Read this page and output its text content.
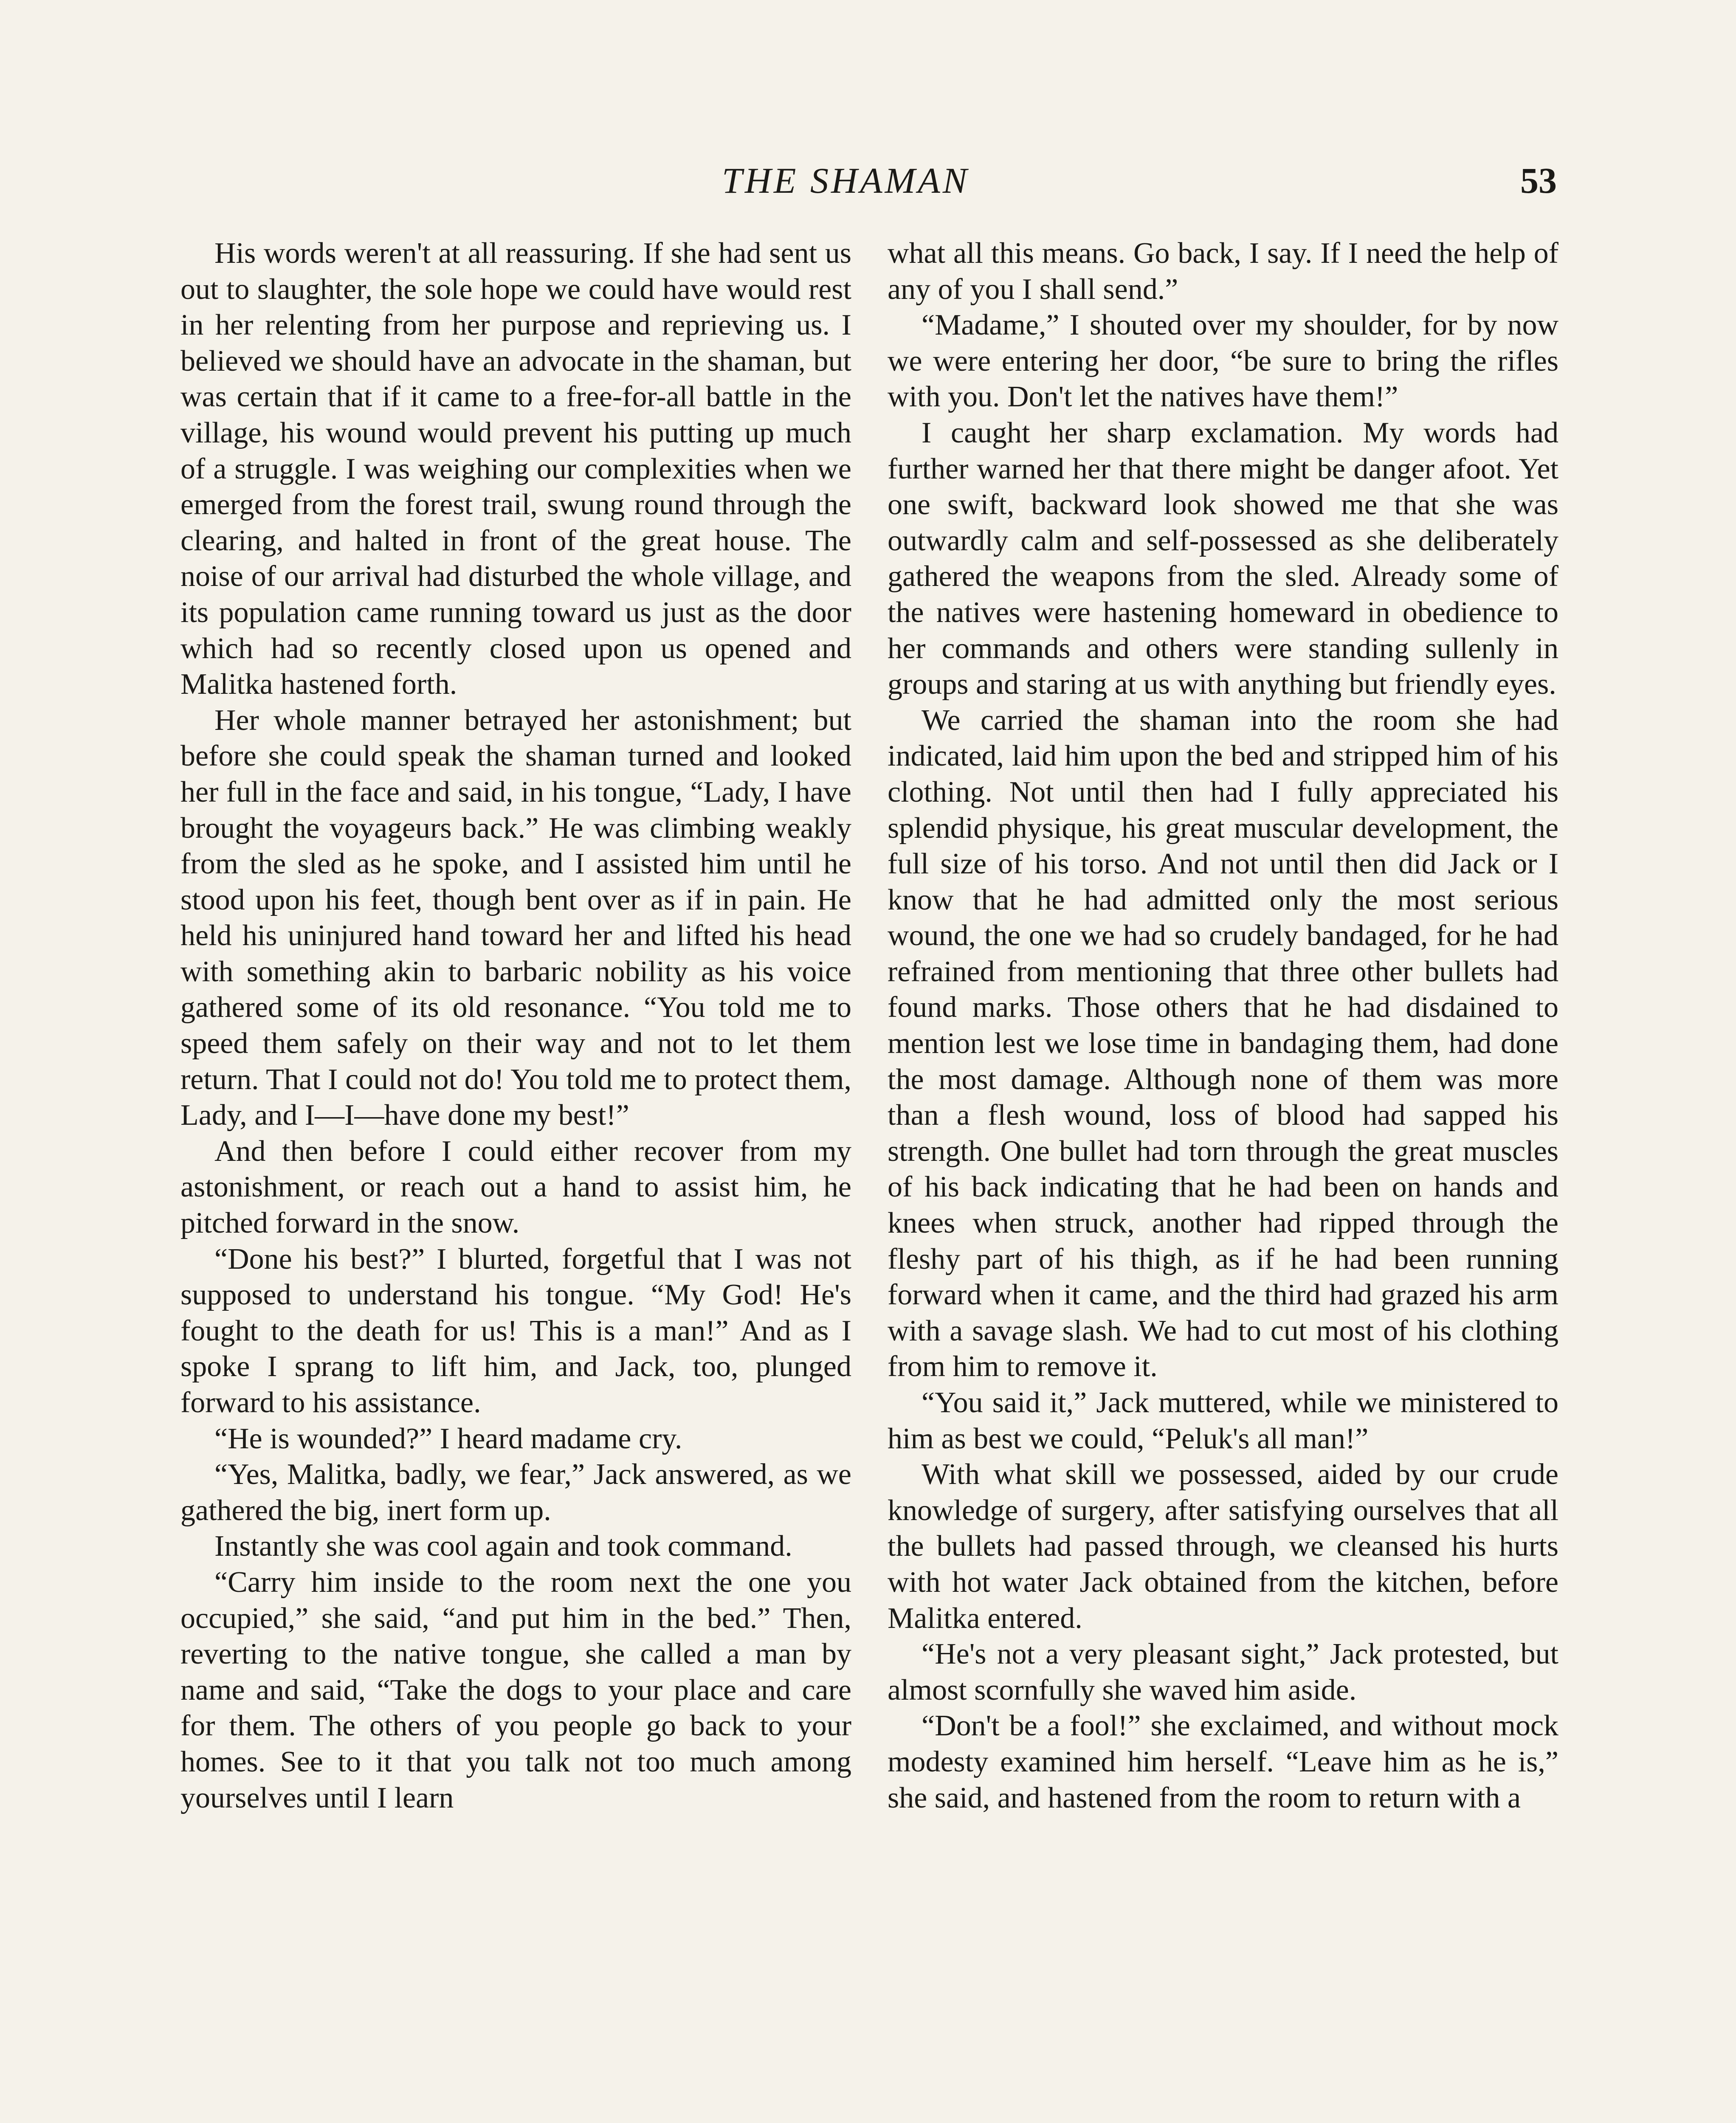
THE SHAMAN	53

His words weren't at all reassuring. If she had sent us out to slaughter, the sole hope we could have would rest in her relenting from her purpose and reprieving us. I believed we should have an advocate in the shaman, but was certain that if it came to a free-for-all battle in the village, his wound would prevent his putting up much of a struggle. I was weighing our complexities when we emerged from the forest trail, swung round through the clearing, and halted in front of the great house. The noise of our arrival had disturbed the whole village, and its population came running toward us just as the door which had so recently closed upon us opened and Malitka hastened forth.

Her whole manner betrayed her astonishment; but before she could speak the shaman turned and looked her full in the face and said, in his tongue, “Lady, I have brought the voyageurs back.” He was climbing weakly from the sled as he spoke, and I assisted him until he stood upon his feet, though bent over as if in pain. He held his uninjured hand toward her and lifted his head with something akin to barbaric nobility as his voice gathered some of its old resonance. “You told me to speed them safely on their way and not to let them return. That I could not do! You told me to protect them, Lady, and I—I—have done my best!”

And then before I could either recover from my astonishment, or reach out a hand to assist him, he pitched forward in the snow.

“Done his best?” I blurted, forgetful that I was not supposed to understand his tongue. “My God! He's fought to the death for us! This is a man!” And as I spoke I sprang to lift him, and Jack, too, plunged forward to his assistance.

“He is wounded?” I heard madame cry.

“Yes, Malitka, badly, we fear,” Jack answered, as we gathered the big, inert form up.

Instantly she was cool again and took command.

“Carry him inside to the room next the one you occupied,” she said, “and put him in the bed.” Then, reverting to the native tongue, she called a man by name and said, “Take the dogs to your place and care for them. The others of you people go back to your homes. See to it that you talk not too much among yourselves until I learn

what all this means. Go back, I say. If I need the help of any of you I shall send.”

“Madame,” I shouted over my shoulder, for by now we were entering her door, “be sure to bring the rifles with you. Don't let the natives have them!”

I caught her sharp exclamation. My words had further warned her that there might be danger afoot. Yet one swift, backward look showed me that she was outwardly calm and self-possessed as she deliberately gathered the weapons from the sled. Already some of the natives were hastening homeward in obedience to her commands and others were standing sullenly in groups and staring at us with anything but friendly eyes.

We carried the shaman into the room she had indicated, laid him upon the bed and stripped him of his clothing. Not until then had I fully appreciated his splendid physique, his great muscular development, the full size of his torso. And not until then did Jack or I know that he had admitted only the most serious wound, the one we had so crudely bandaged, for he had refrained from mentioning that three other bullets had found marks. Those others that he had disdained to mention lest we lose time in bandaging them, had done the most damage. Although none of them was more than a flesh wound, loss of blood had sapped his strength. One bullet had torn through the great muscles of his back indicating that he had been on hands and knees when struck, another had ripped through the fleshy part of his thigh, as if he had been running forward when it came, and the third had grazed his arm with a savage slash. We had to cut most of his clothing from him to remove it.

“You said it,” Jack muttered, while we ministered to him as best we could, “Peluk's all man!”

With what skill we possessed, aided by our crude knowledge of surgery, after satisfying ourselves that all the bullets had passed through, we cleansed his hurts with hot water Jack obtained from the kitchen, before Malitka entered.

“He's not a very pleasant sight,” Jack protested, but almost scornfully she waved him aside.

“Don't be a fool!” she exclaimed, and without mock modesty examined him herself. “Leave him as he is,” she said, and hastened from the room to return with a
